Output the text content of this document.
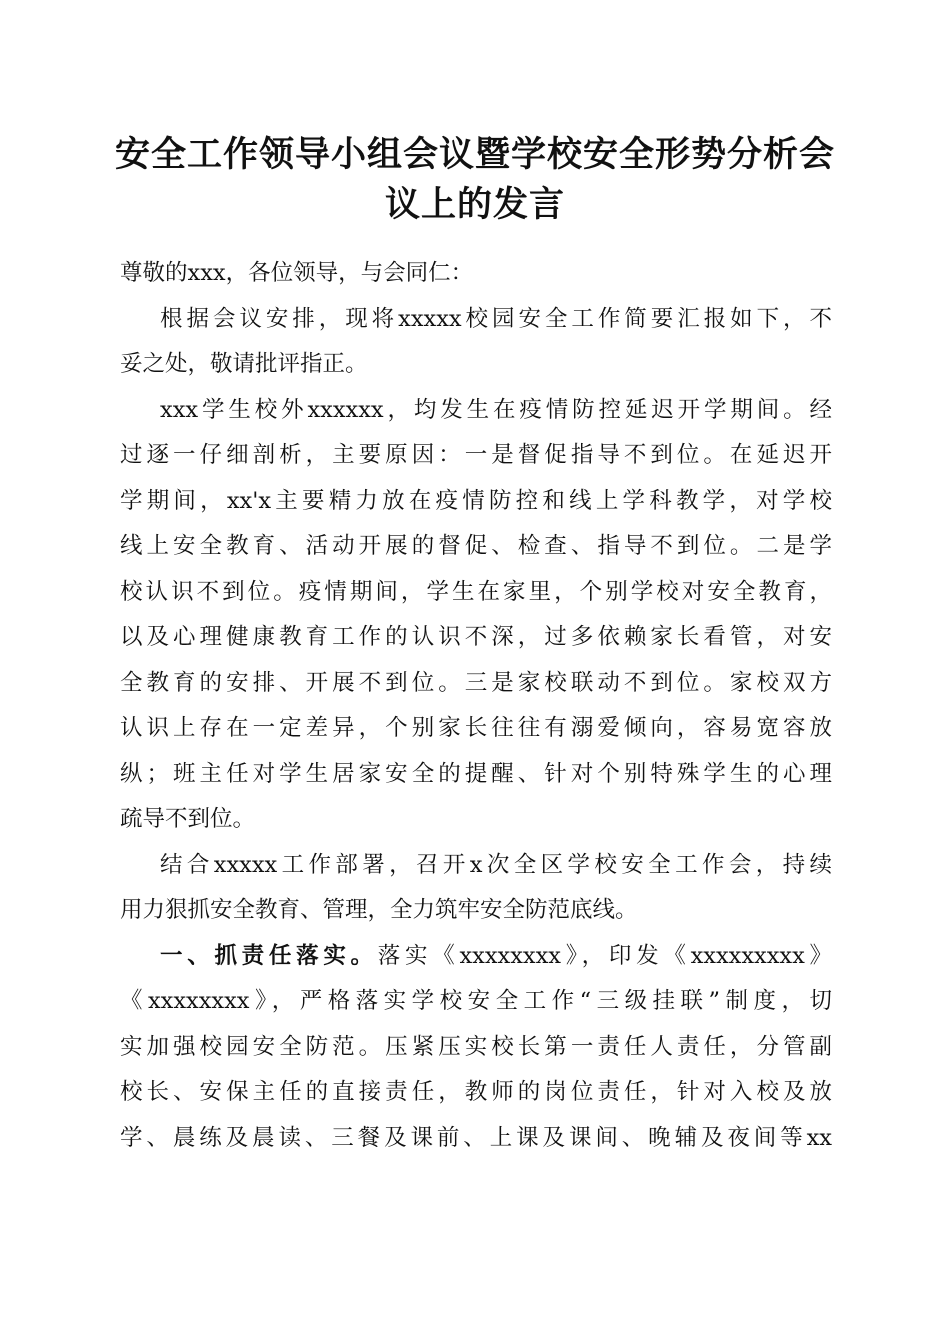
安全工作领导小组会议暨学校安全形势分析会
议上的发言
尊敬的xxx，各位领导，与会同仁：
根据会议安排，现将xxxxx校园安全工作简要汇报如下，不
妥之处，敬请批评指正。
xxx学生校外xxxxxx，均发生在疫情防控延迟开学期间。经
过逐一仔细剖析，主要原因：一是督促指导不到位。在延迟开
学期间，xx'x主要精力放在疫情防控和线上学科教学，对学校
线上安全教育、活动开展的督促、检查、指导不到位。二是学
校认识不到位。疫情期间，学生在家里，个别学校对安全教育，
以及心理健康教育工作的认识不深，过多依赖家长看管，对安
全教育的安排、开展不到位。三是家校联动不到位。家校双方
认识上存在一定差异，个别家长往往有溺爱倾向，容易宽容放
纵；班主任对学生居家安全的提醒、针对个别特殊学生的心理
疏导不到位。
结合xxxxx工作部署，召开x次全区学校安全工作会，持续
用力狠抓安全教育、管理，全力筑牢安全防范底线。
一、抓责任落实。落实《xxxxxxxx》，印发《xxxxxxxxx》
《xxxxxxxx》，严格落实学校安全工作“三级挂联”制度，切
实加强校园安全防范。压紧压实校长第一责任人责任，分管副
校长、安保主任的直接责任，教师的岗位责任，针对入校及放
学、晨练及晨读、三餐及课前、上课及课间、晚辅及夜间等xx
